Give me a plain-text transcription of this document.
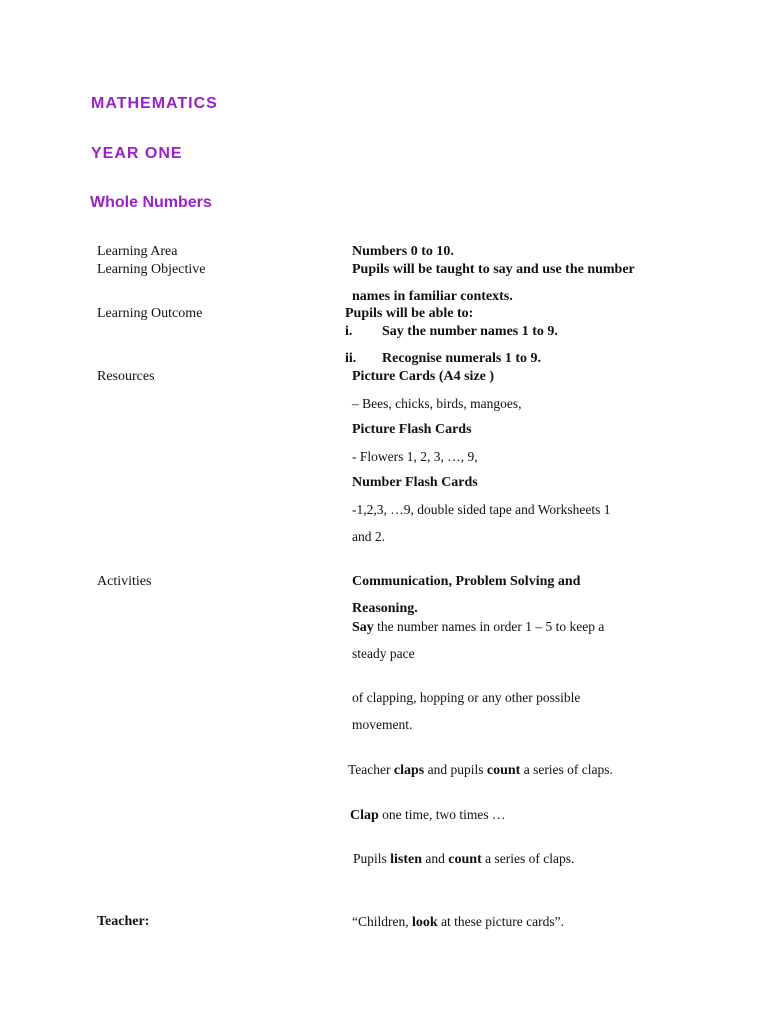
MATHEMATICS
YEAR ONE
Whole Numbers
Learning Area	Numbers 0 to 10.
Learning Objective	Pupils will be taught to say and use the number
names in familiar contexts.
Learning Outcome	Pupils will be able to:
i. Say the number names 1 to 9.
ii. Recognise numerals 1 to 9.
Resources	Picture Cards (A4 size )
– Bees, chicks, birds, mangoes,
Picture Flash Cards
- Flowers 1, 2, 3, …, 9,
Number Flash Cards
-1,2,3, …9, double sided tape and Worksheets 1
and 2.
Activities	Communication, Problem Solving and
Reasoning.
Say the number names in order 1 – 5 to keep a
steady pace
of clapping, hopping or any other possible
movement.
Teacher claps and pupils count a series of claps.
Clap one time, two times …
Pupils listen and count a series of claps.
Teacher:	“Children, look at these picture cards”.
